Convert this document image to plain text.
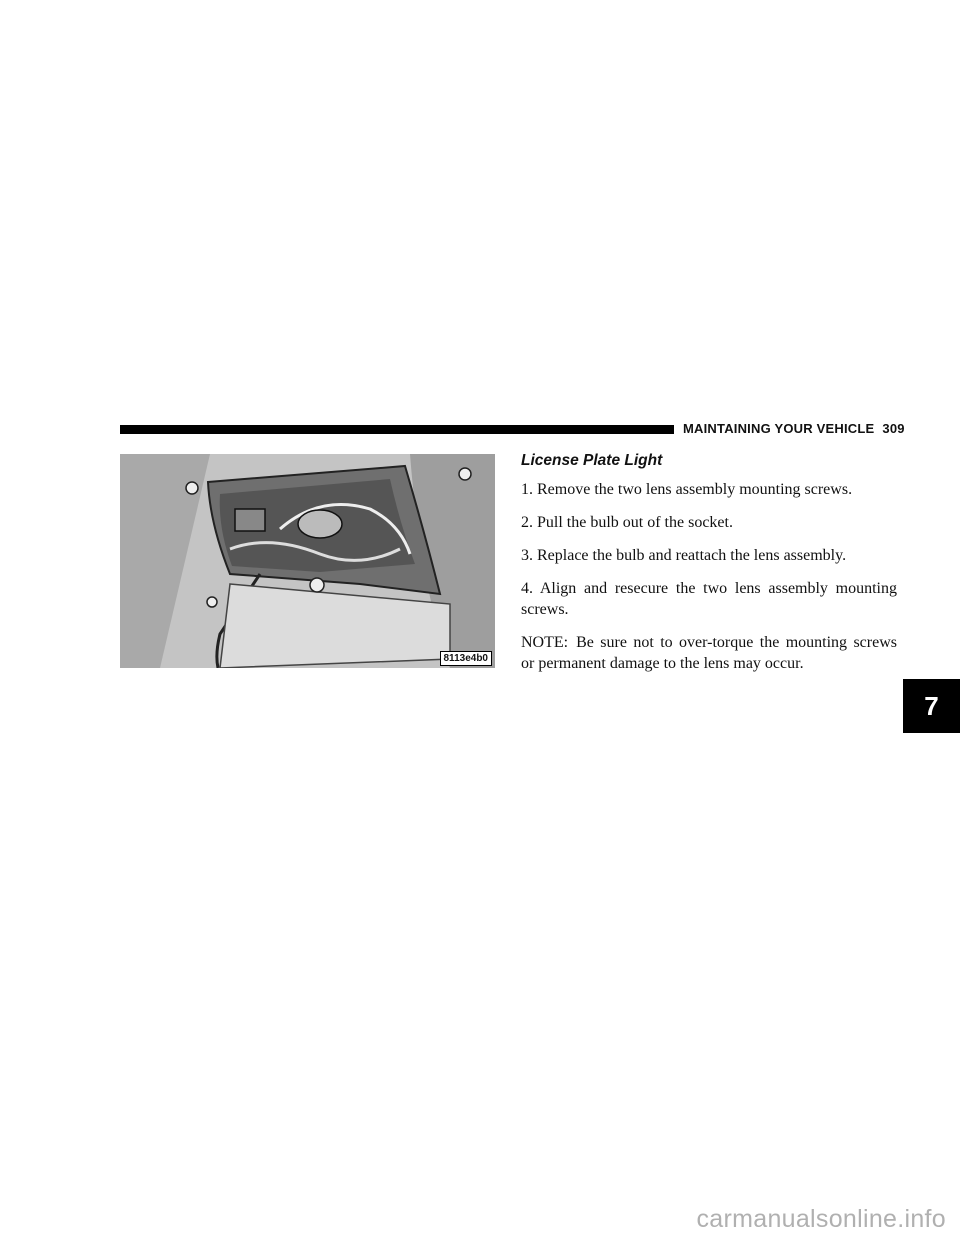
MAINTAINING YOUR VEHICLE 309
8113e4b0
License Plate Light

1. Remove the two lens assembly mounting screws.

2. Pull the bulb out of the socket.

3. Replace the bulb and reattach the lens assembly.

4. Align and resecure the two lens assembly mounting screws.

NOTE: Be sure not to over-torque the mounting screws or permanent damage to the lens may occur.

7
carmanualsonline.info
